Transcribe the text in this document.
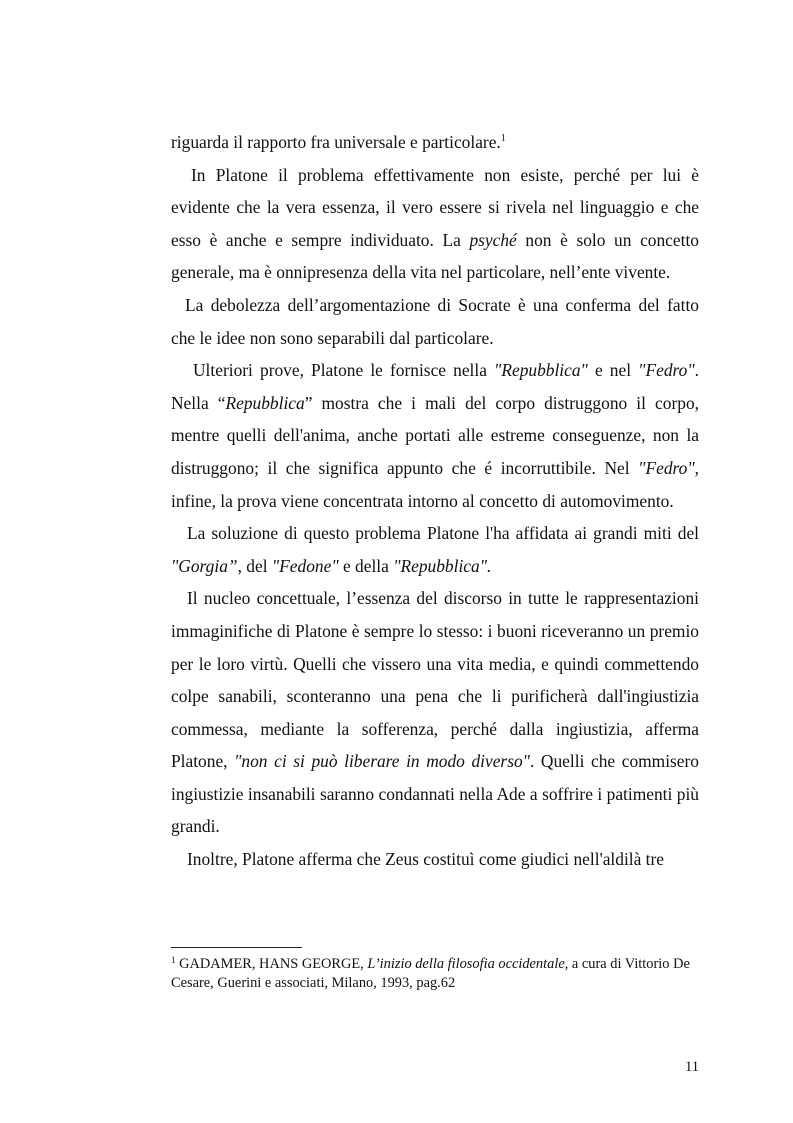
riguarda il rapporto fra universale e particolare.$^1$

In Platone il problema effettivamente non esiste, perché per lui è evidente che la vera essenza, il vero essere si rivela nel linguaggio e che esso è anche e sempre individuato. La psyché non è solo un concetto generale, ma è onnipresenza della vita nel particolare, nell’ente vivente.

La debolezza dell’argomentazione di Socrate è una conferma del fatto che le idee non sono separabili dal particolare.

Ulteriori prove, Platone le fornisce nella "Repubblica" e nel "Fedro". Nella “Repubblica” mostra che i mali del corpo distruggono il corpo, mentre quelli dell'anima, anche portati alle estreme conseguenze, non la distruggono; il che significa appunto che é incorruttibile. Nel "Fedro", infine, la prova viene concentrata intorno al concetto di automovimento.

La soluzione di questo problema Platone l'ha affidata ai grandi miti del "Gorgia”, del "Fedone" e della "Repubblica".

Il nucleo concettuale, l’essenza del discorso in tutte le rappresentazioni immaginifiche di Platone è sempre lo stesso: i buoni riceveranno un premio per le loro virtù. Quelli che vissero una vita media, e quindi commettendo colpe sanabili, sconteranno una pena che li purificherà dall'ingiustizia commessa, mediante la sofferenza, perché dalla ingiustizia, afferma Platone, "non ci si può liberare in modo diverso". Quelli che commisero ingiustizie insanabili saranno condannati nella Ade a soffrire i patimenti più grandi.

Inoltre, Platone afferma che Zeus costituì come giudici nell'aldilà tre

$^1$ GADAMER, HANS GEORGE, L’inizio della filosofia occidentale, a cura di Vittorio De Cesare, Guerini e associati, Milano, 1993, pag.62
11
